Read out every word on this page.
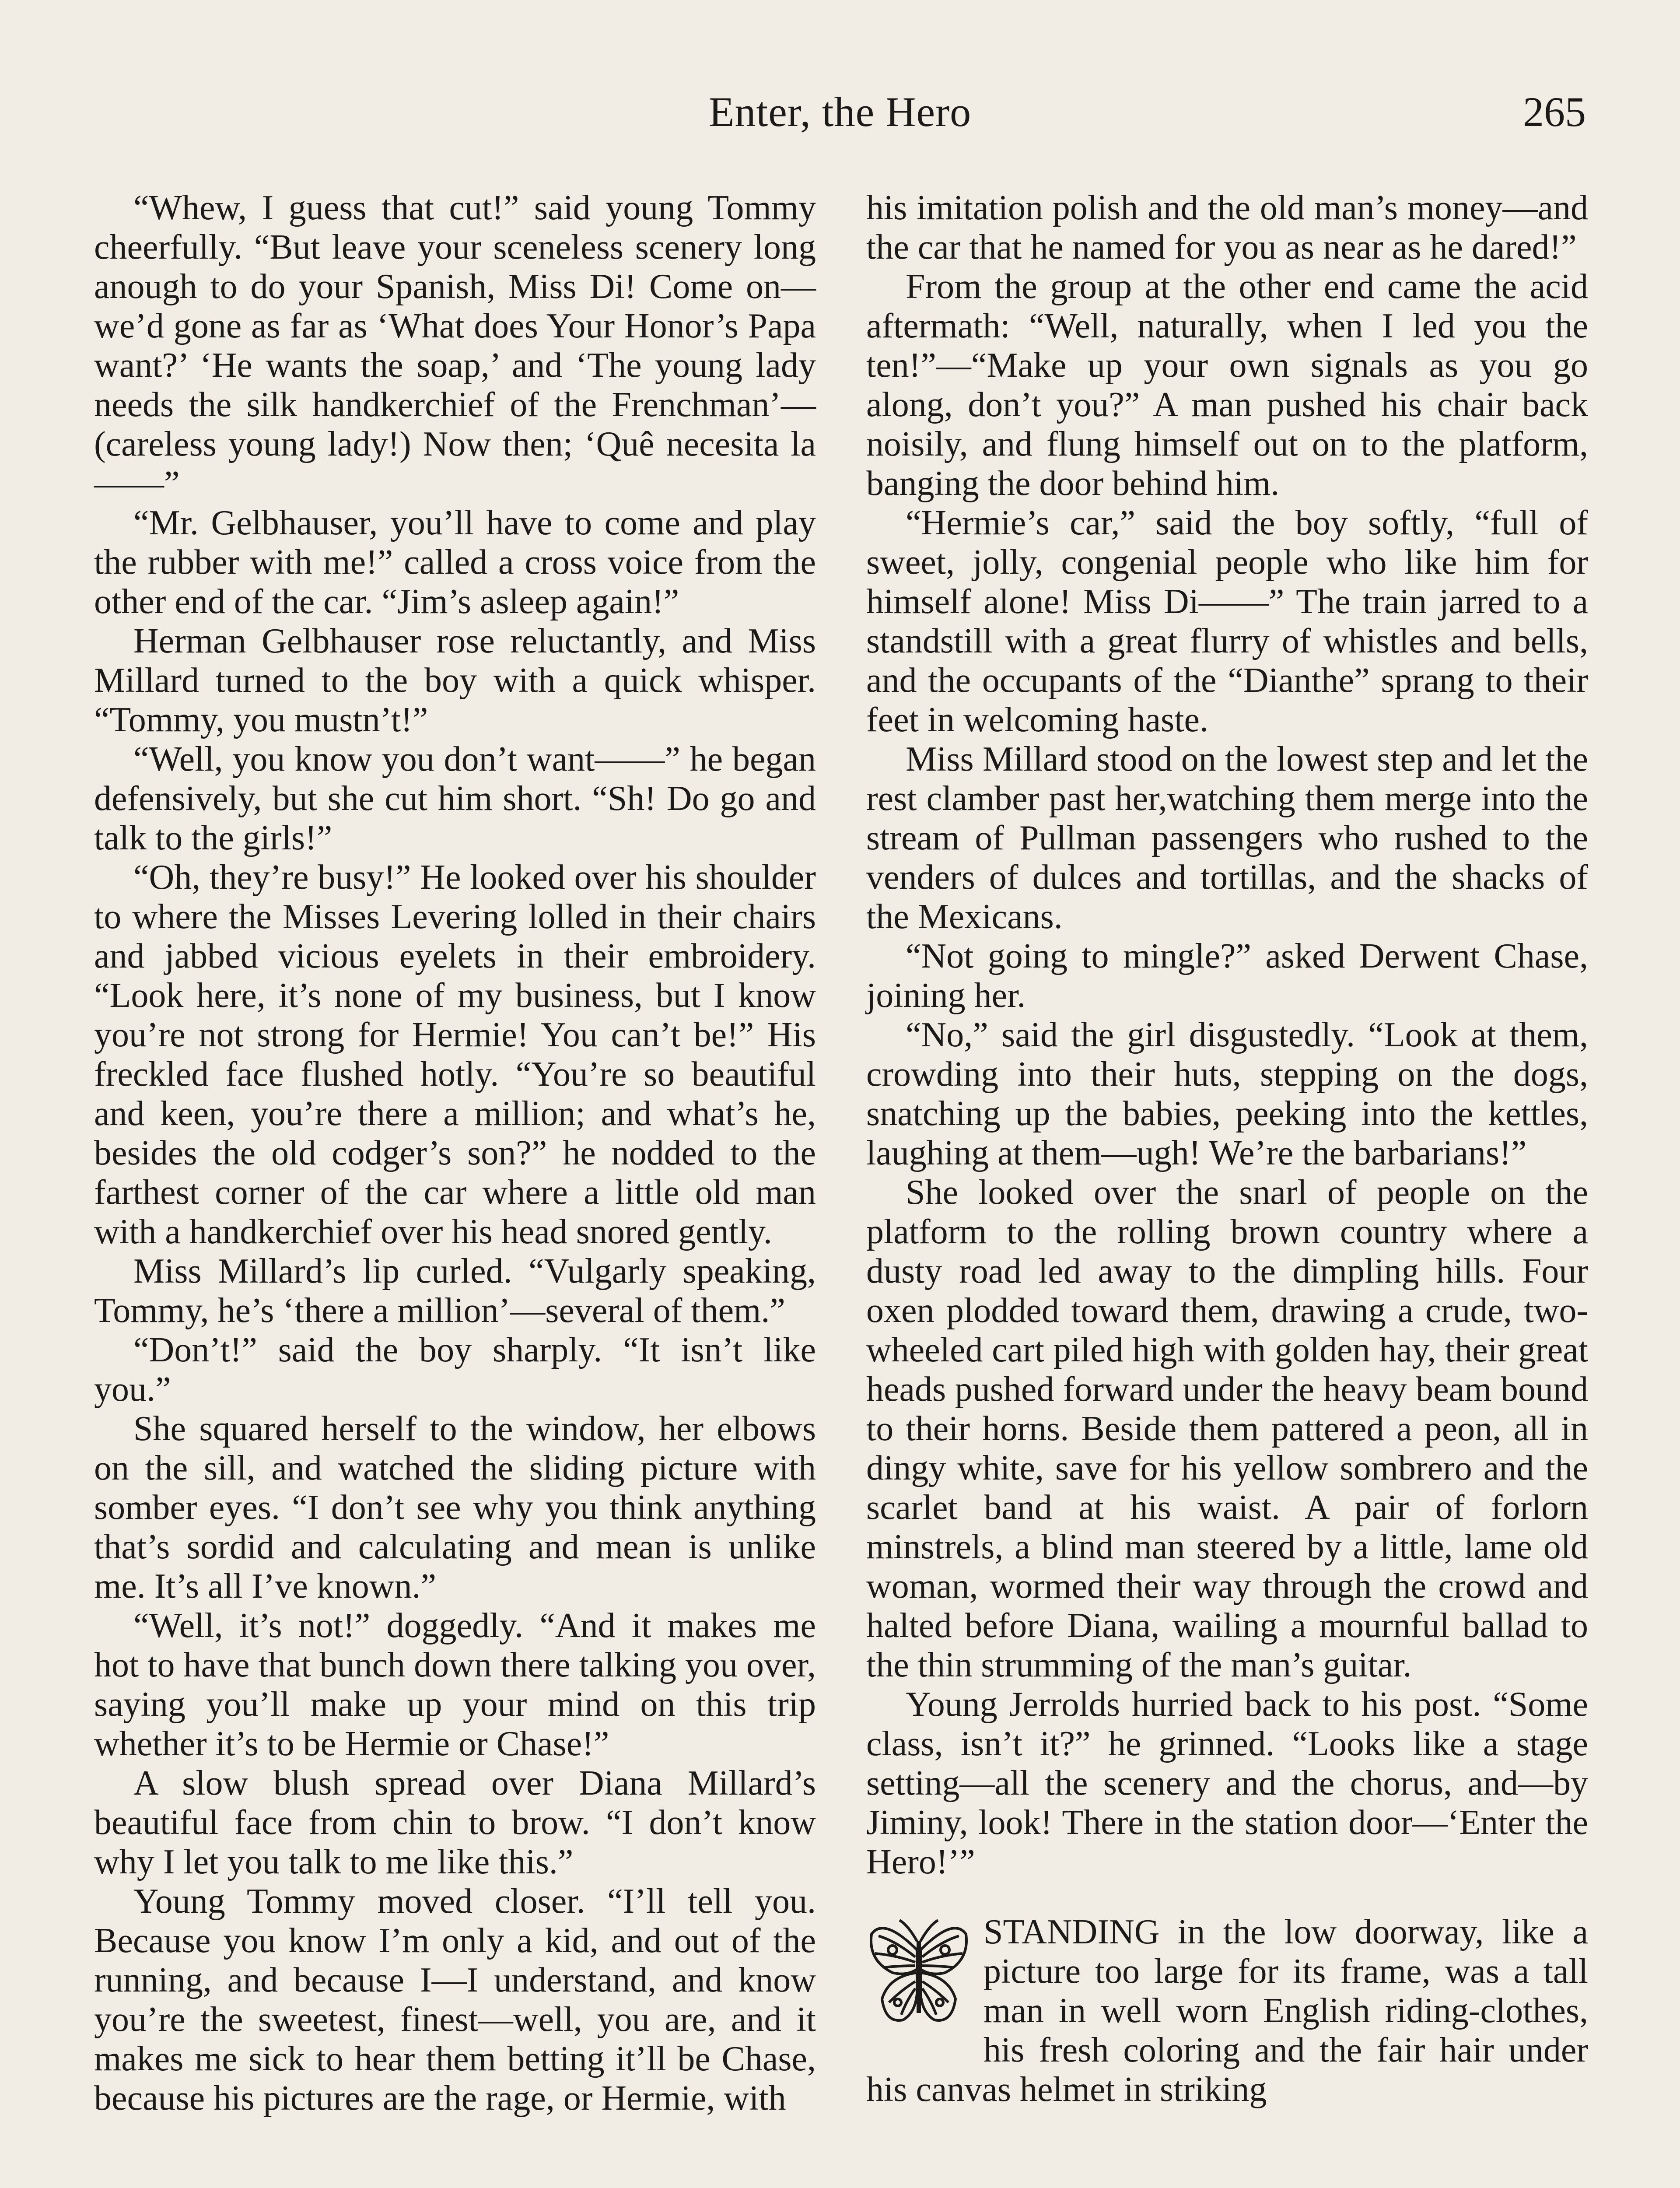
Enter, the Hero	265

“Whew, I guess that cut!” said young Tommy cheerfully. “But leave your sceneless scenery long anough to do your Spanish, Miss Di! Come on—we’d gone as far as ‘What does Your Honor’s Papa want?’ ‘He wants the soap,’ and ‘The young lady needs the silk handkerchief of the Frenchman’—(careless young lady!) Now then; ‘Quê necesita la——”

“Mr. Gelbhauser, you’ll have to come and play the rubber with me!” called a cross voice from the other end of the car. “Jim’s asleep again!”

Herman Gelbhauser rose reluctantly, and Miss Millard turned to the boy with a quick whisper. “Tommy, you mustn’t!”

“Well, you know you don’t want——” he began defensively, but she cut him short. “Sh! Do go and talk to the girls!”

“Oh, they’re busy!” He looked over his shoulder to where the Misses Levering lolled in their chairs and jabbed vicious eyelets in their embroidery. “Look here, it’s none of my business, but I know you’re not strong for Hermie! You can’t be!” His freckled face flushed hotly. “You’re so beautiful and keen, you’re there a million; and what’s he, besides the old codger’s son?” he nodded to the farthest corner of the car where a little old man with a handkerchief over his head snored gently.

Miss Millard’s lip curled. “Vulgarly speaking, Tommy, he’s ‘there a million’—several of them.”

“Don’t!” said the boy sharply. “It isn’t like you.”

She squared herself to the window, her elbows on the sill, and watched the sliding picture with somber eyes. “I don’t see why you think anything that’s sordid and calculating and mean is unlike me. It’s all I’ve known.”

“Well, it’s not!” doggedly. “And it makes me hot to have that bunch down there talking you over, saying you’ll make up your mind on this trip whether it’s to be Hermie or Chase!”

A slow blush spread over Diana Millard’s beautiful face from chin to brow. “I don’t know why I let you talk to me like this.”

Young Tommy moved closer. “I’ll tell you. Because you know I’m only a kid, and out of the running, and because I—I understand, and know you’re the sweetest, finest—well, you are, and it makes me sick to hear them betting it’ll be Chase, because his pictures are the rage, or Hermie, with

his imitation polish and the old man’s money—and the car that he named for you as near as he dared!”

From the group at the other end came the acid aftermath: “Well, naturally, when I led you the ten!”—“Make up your own signals as you go along, don’t you?” A man pushed his chair back noisily, and flung himself out on to the platform, banging the door behind him.

“Hermie’s car,” said the boy softly, “full of sweet, jolly, congenial people who like him for himself alone! Miss Di——” The train jarred to a standstill with a great flurry of whistles and bells, and the occupants of the “Dianthe” sprang to their feet in welcoming haste.

Miss Millard stood on the lowest step and let the rest clamber past her,watching them merge into the stream of Pullman passengers who rushed to the venders of dulces and tortillas, and the shacks of the Mexicans.

“Not going to mingle?” asked Derwent Chase, joining her.

“No,” said the girl disgustedly. “Look at them, crowding into their huts, stepping on the dogs, snatching up the babies, peeking into the kettles, laughing at them—ugh! We’re the barbarians!”

She looked over the snarl of people on the platform to the rolling brown country where a dusty road led away to the dimpling hills. Four oxen plodded toward them, drawing a crude, two-wheeled cart piled high with golden hay, their great heads pushed forward under the heavy beam bound to their horns. Beside them pattered a peon, all in dingy white, save for his yellow sombrero and the scarlet band at his waist. A pair of forlorn minstrels, a blind man steered by a little, lame old woman, wormed their way through the crowd and halted before Diana, wailing a mournful ballad to the thin strumming of the man’s guitar.

Young Jerrolds hurried back to his post. “Some class, isn’t it?” he grinned. “Looks like a stage setting—all the scenery and the chorus, and—by Jiminy, look! There in the station door—‘Enter the Hero!’”

STANDING in the low doorway, like a picture too large for its frame, was a tall man in well worn English riding-clothes, his fresh coloring and the fair hair under his canvas helmet in striking
